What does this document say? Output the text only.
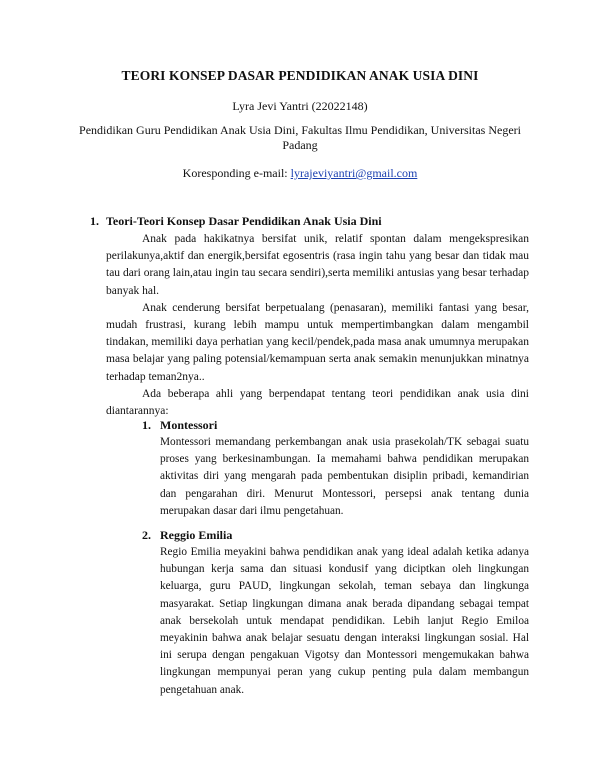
TEORI KONSEP DASAR PENDIDIKAN ANAK USIA DINI
Lyra Jevi Yantri (22022148)
Pendidikan Guru Pendidikan Anak Usia Dini, Fakultas Ilmu Pendidikan, Universitas Negeri Padang
Koresponding e-mail: lyrajeviyantri@gmail.com
1. Teori-Teori Konsep Dasar Pendidikan Anak Usia Dini

Anak pada hakikatnya bersifat unik, relatif spontan dalam mengekspresikan perilakunya,aktif dan energik,bersifat egosentris (rasa ingin tahu yang besar dan tidak mau tau dari orang lain,atau ingin tau secara sendiri),serta memiliki antusias yang besar terhadap banyak hal.

Anak cenderung bersifat berpetualang (penasaran), memiliki fantasi yang besar, mudah frustrasi, kurang lebih mampu untuk mempertimbangkan dalam mengambil tindakan, memiliki daya perhatian yang kecil/pendek,pada masa anak umumnya merupakan masa belajar yang paling potensial/kemampuan serta anak semakin menunjukkan minatnya terhadap teman2nya..

Ada beberapa ahli yang berpendapat tentang teori pendidikan anak usia dini diantarannya:

1. Montessori

Montessori memandang perkembangan anak usia prasekolah/TK sebagai suatu proses yang berkesinambungan. Ia memahami bahwa pendidikan merupakan aktivitas diri yang mengarah pada pembentukan disiplin pribadi, kemandirian dan pengarahan diri. Menurut Montessori, persepsi anak tentang dunia merupakan dasar dari ilmu pengetahuan.

2. Reggio Emilia

Regio Emilia meyakini bahwa pendidikan anak yang ideal adalah ketika adanya hubungan kerja sama dan situasi kondusif yang diciptkan oleh lingkungan keluarga, guru PAUD, lingkungan sekolah, teman sebaya dan lingkunga masyarakat. Setiap lingkungan dimana anak berada dipandang sebagai tempat anak bersekolah untuk mendapat pendidikan. Lebih lanjut Regio Emiloa meyakinin bahwa anak belajar sesuatu dengan interaksi lingkungan sosial. Hal ini serupa dengan pengakuan Vigotsy dan Montessori mengemukakan bahwa lingkungan mempunyai peran yang cukup penting pula dalam membangun pengetahuan anak.
